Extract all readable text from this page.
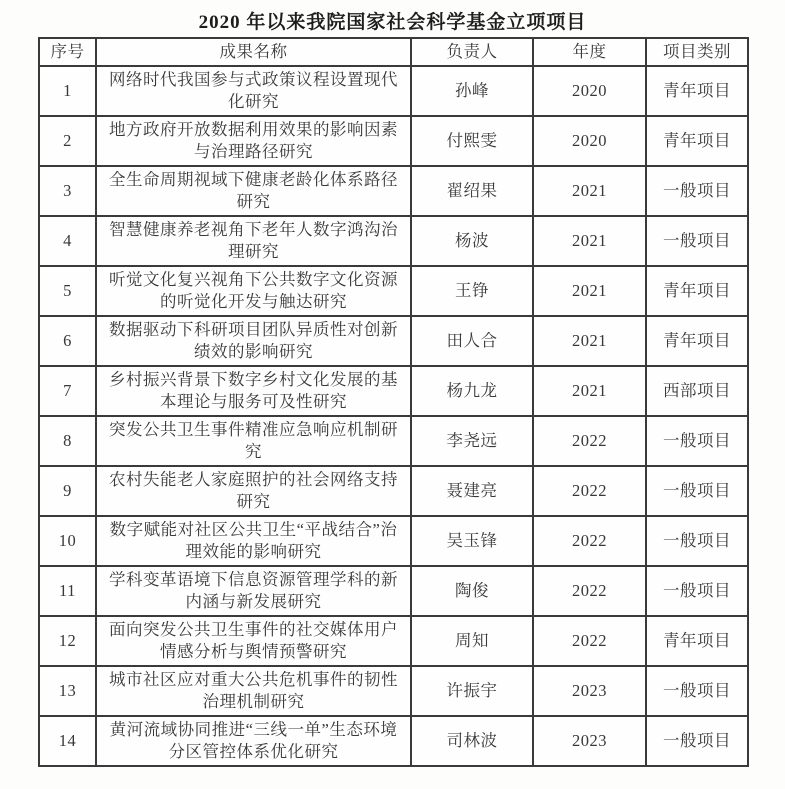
2020 年以来我院国家社会科学基金立项项目
序号	成果名称	负责人	年度	项目类别
1	网络时代我国参与式政策议程设置现代化研究	孙峰	2020	青年项目
2	地方政府开放数据利用效果的影响因素与治理路径研究	付熙雯	2020	青年项目
3	全生命周期视域下健康老龄化体系路径研究	翟绍果	2021	一般项目
4	智慧健康养老视角下老年人数字鸿沟治理研究	杨波	2021	一般项目
5	听觉文化复兴视角下公共数字文化资源的听觉化开发与触达研究	王铮	2021	青年项目
6	数据驱动下科研项目团队异质性对创新绩效的影响研究	田人合	2021	青年项目
7	乡村振兴背景下数字乡村文化发展的基本理论与服务可及性研究	杨九龙	2021	西部项目
8	突发公共卫生事件精准应急响应机制研究	李尧远	2022	一般项目
9	农村失能老人家庭照护的社会网络支持研究	聂建亮	2022	一般项目
10	数字赋能对社区公共卫生“平战结合”治理效能的影响研究	吴玉锋	2022	一般项目
11	学科变革语境下信息资源管理学科的新内涵与新发展研究	陶俊	2022	一般项目
12	面向突发公共卫生事件的社交媒体用户情感分析与舆情预警研究	周知	2022	青年项目
13	城市社区应对重大公共危机事件的韧性治理机制研究	许振宇	2023	一般项目
14	黄河流域协同推进“三线一单”生态环境分区管控体系优化研究	司林波	2023	一般项目
